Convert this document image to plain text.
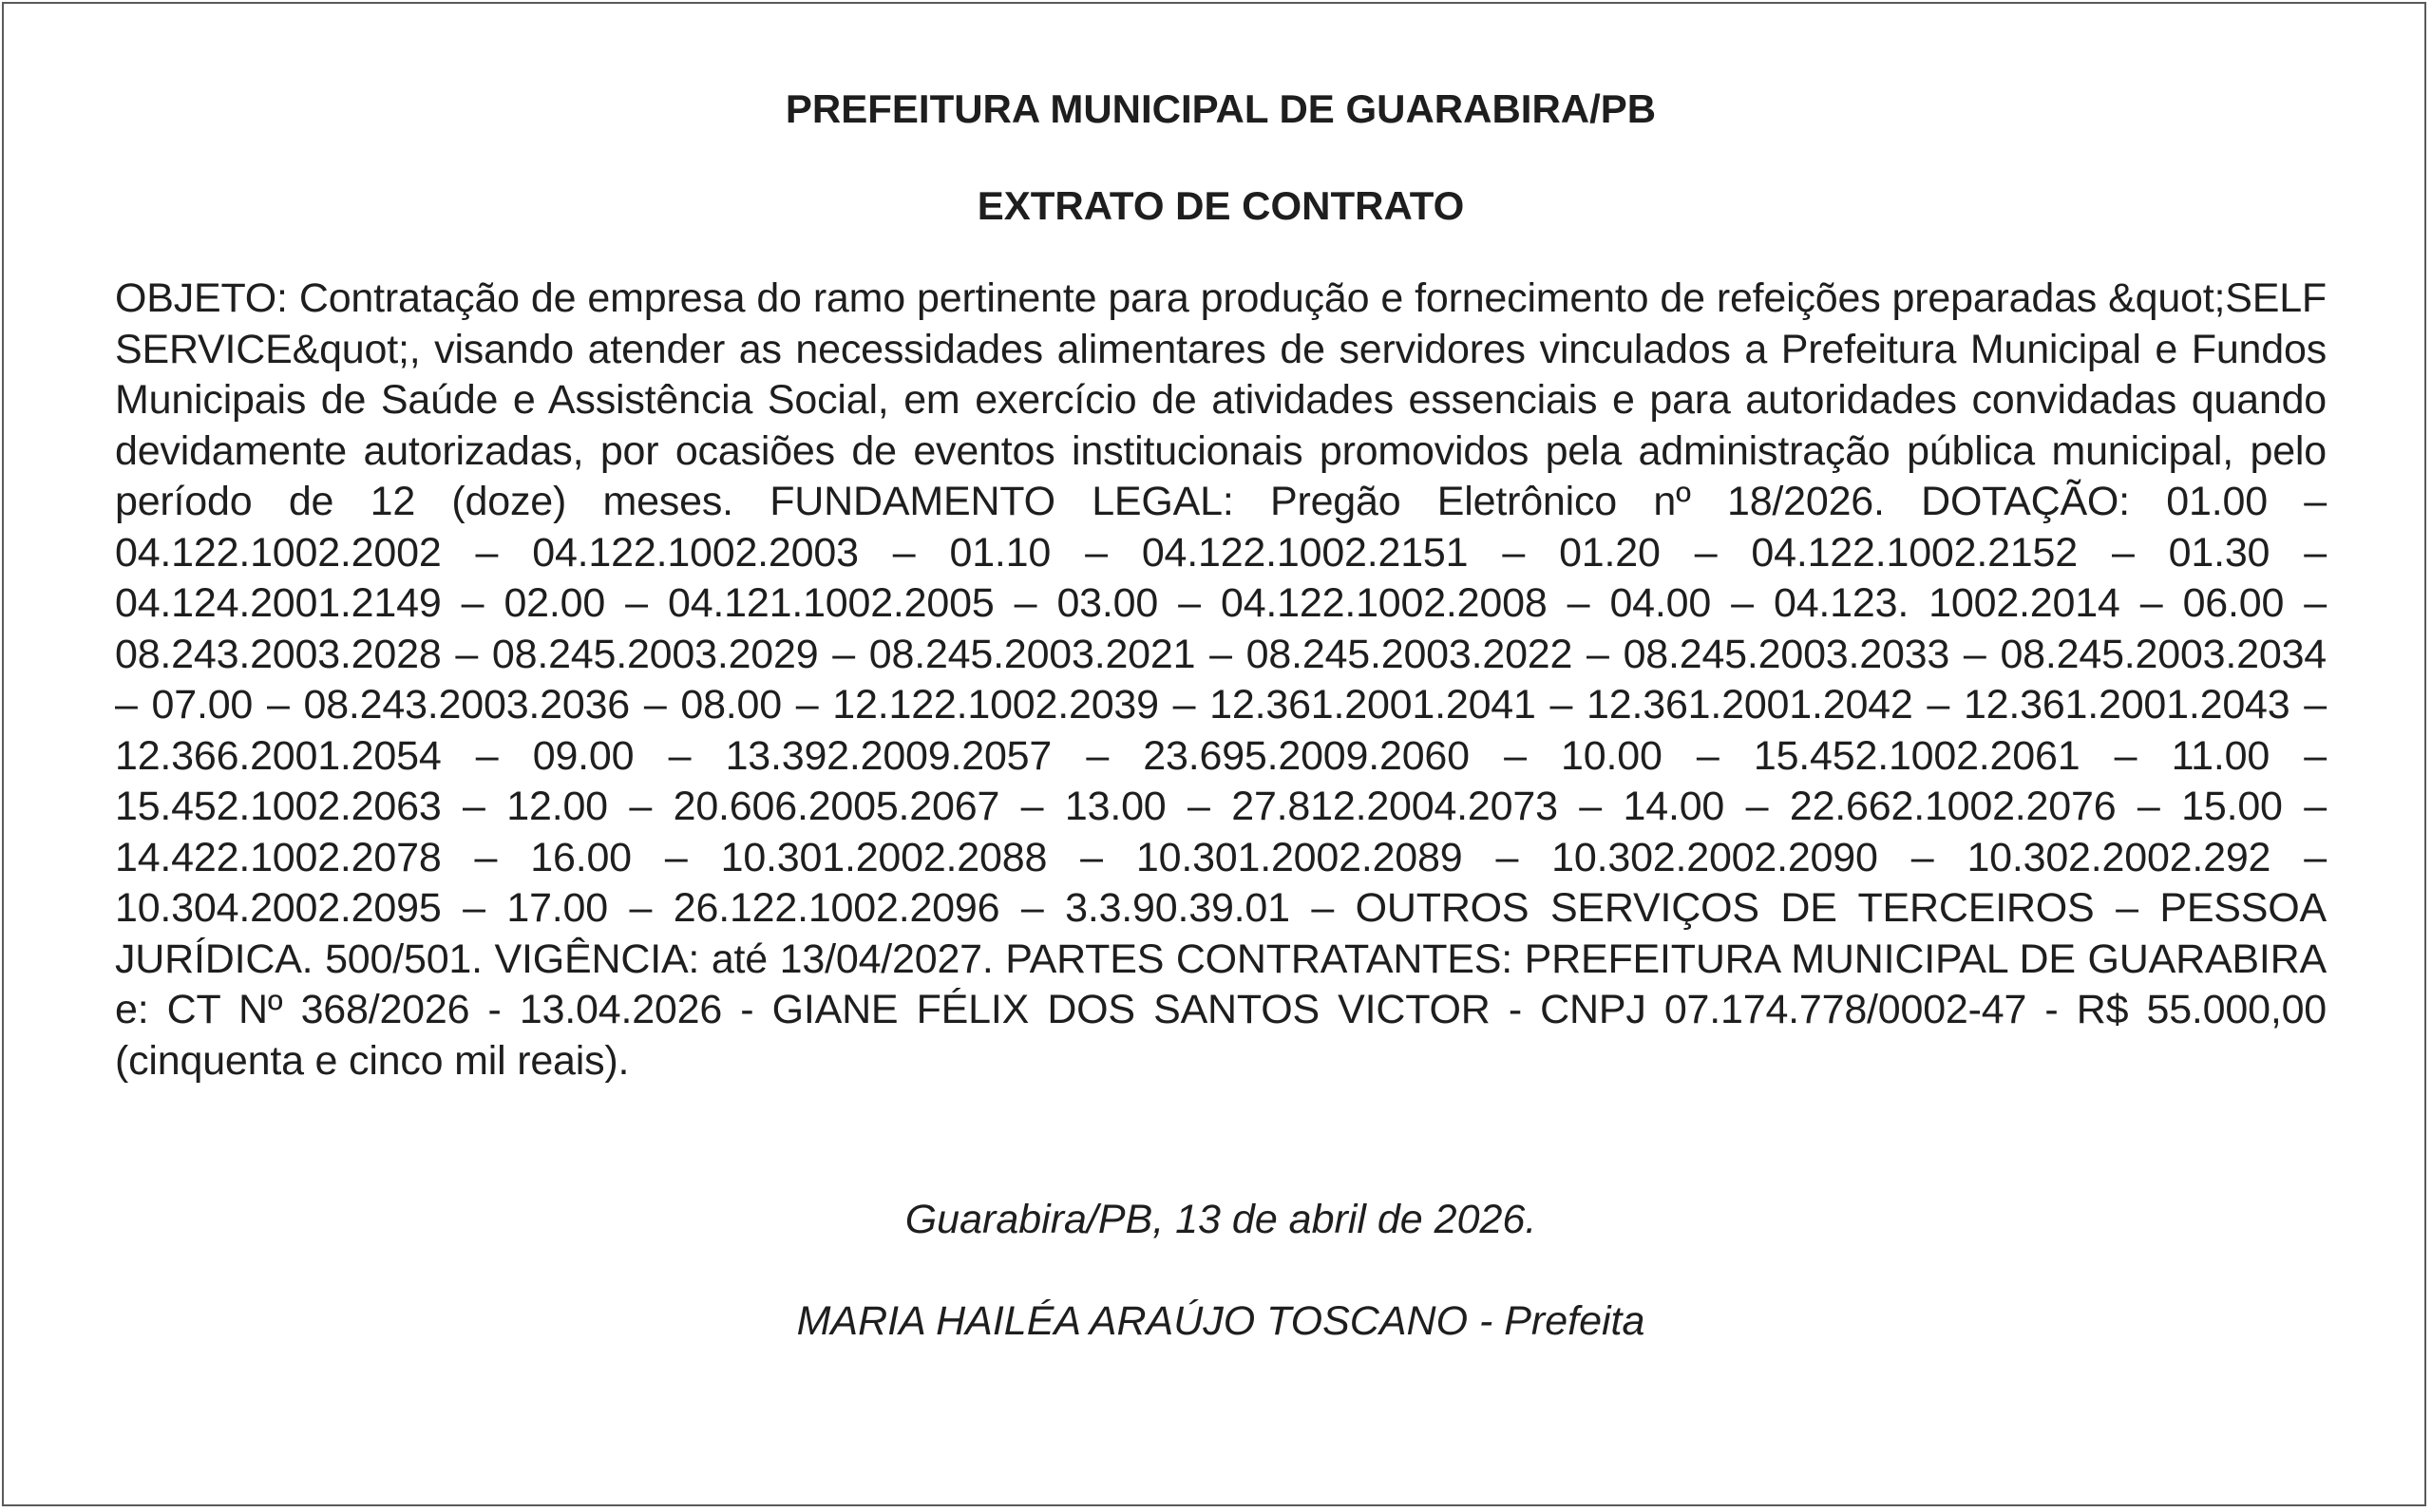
PREFEITURA MUNICIPAL DE GUARABIRA/PB
EXTRATO DE CONTRATO

OBJETO: Contratação de empresa do ramo pertinente para produção e fornecimento de refeições preparadas &quot;SELF SERVICE&quot;, visando atender as necessidades alimentares de servidores vinculados a Prefeitura Municipal e Fundos Municipais de Saúde e Assistência Social, em exercício de atividades essenciais e para autoridades convidadas quando devidamente autorizadas, por ocasiões de eventos institucionais promovidos pela administração pública municipal, pelo período de 12 (doze) meses. FUNDAMENTO LEGAL: Pregão Eletrônico nº 18/2026. DOTAÇÃO: 01.00 – 04.122.1002.2002 – 04.122.1002.2003 – 01.10 – 04.122.1002.2151 – 01.20 – 04.122.1002.2152 – 01.30 – 04.124.2001.2149 – 02.00 – 04.121.1002.2005 – 03.00 – 04.122.1002.2008 – 04.00 – 04.123. 1002.2014 – 06.00 – 08.243.2003.2028 – 08.245.2003.2029 – 08.245.2003.2021 – 08.245.2003.2022 – 08.245.2003.2033 – 08.245.2003.2034 – 07.00 – 08.243.2003.2036 – 08.00 – 12.122.1002.2039 – 12.361.2001.2041 – 12.361.2001.2042 – 12.361.2001.2043 – 12.366.2001.2054 – 09.00 – 13.392.2009.2057 – 23.695.2009.2060 – 10.00 – 15.452.1002.2061 – 11.00 – 15.452.1002.2063 – 12.00 – 20.606.2005.2067 – 13.00 – 27.812.2004.2073 – 14.00 – 22.662.1002.2076 – 15.00 – 14.422.1002.2078 – 16.00 – 10.301.2002.2088 – 10.301.2002.2089 – 10.302.2002.2090 – 10.302.2002.292 – 10.304.2002.2095 – 17.00 – 26.122.1002.2096 – 3.3.90.39.01 – OUTROS SERVIÇOS DE TERCEIROS – PESSOA JURÍDICA. 500/501. VIGÊNCIA: até 13/04/2027. PARTES CONTRATANTES: PREFEITURA MUNICIPAL DE GUARABIRA e: CT Nº 368/2026 - 13.04.2026 - GIANE FÉLIX DOS SANTOS VICTOR - CNPJ 07.174.778/0002-47 - R$ 55.000,00 (cinquenta e cinco mil reais).

Guarabira/PB, 13 de abril de 2026.

MARIA HAILÉA ARAÚJO TOSCANO - Prefeita
